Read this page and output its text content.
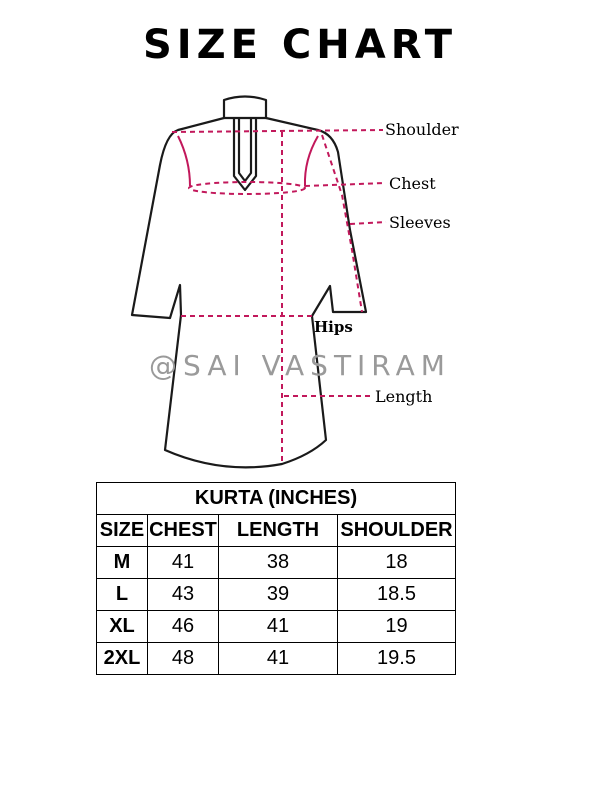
SIZE CHART
@SAI VASTIRAM
Shoulder
Chest
Sleeves
Hips
Length
KURTA (INCHES)			
SIZE	CHEST	LENGTH	SHOULDER
M	41	38	18
L	43	39	18.5
XL	46	41	19
2XL	48	41	19.5
